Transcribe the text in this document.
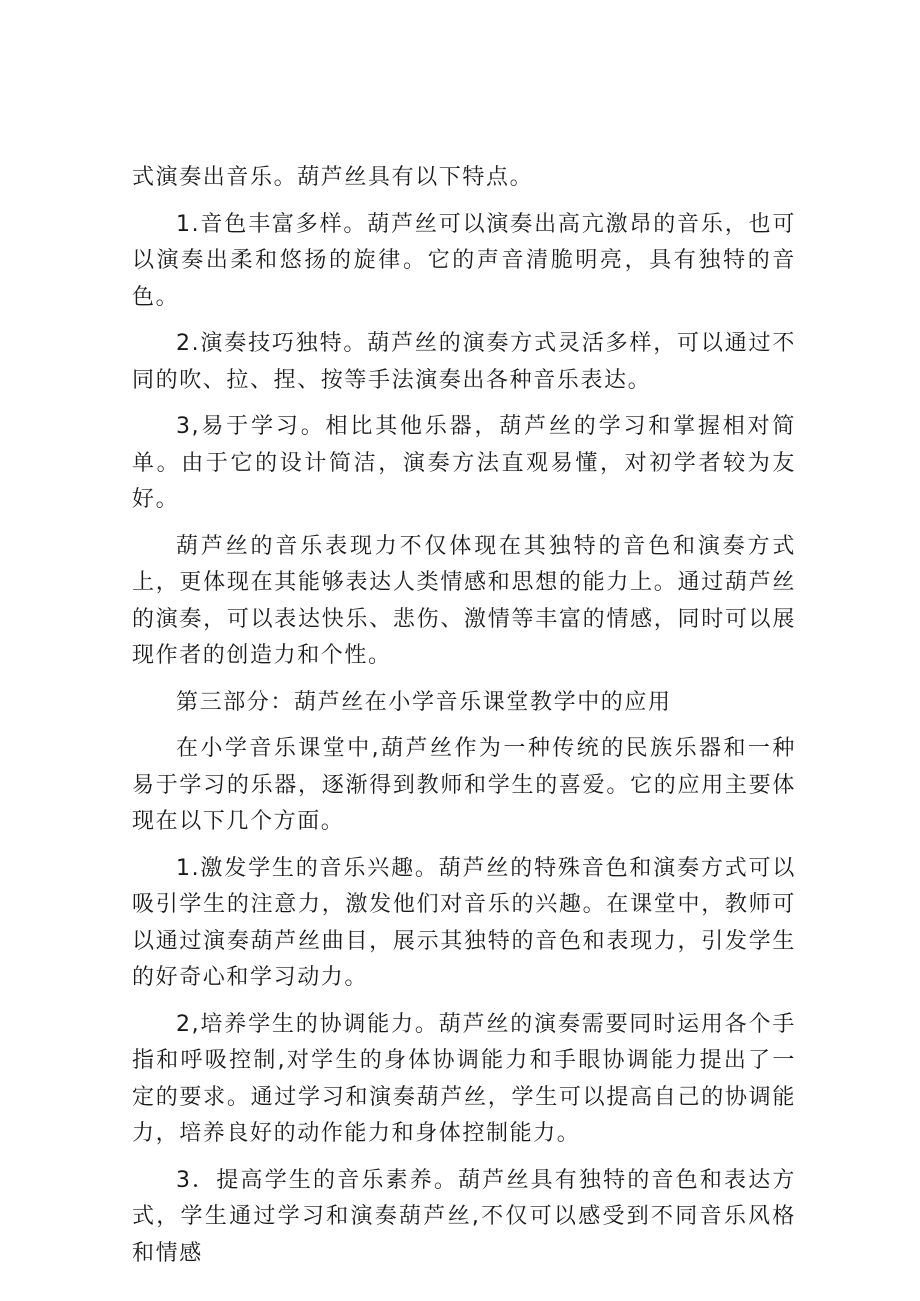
式演奏出音乐。葫芦丝具有以下特点。

1.音色丰富多样。葫芦丝可以演奏出高亢激昂的音乐，也可以演奏出柔和悠扬的旋律。它的声音清脆明亮，具有独特的音色。

2.演奏技巧独特。葫芦丝的演奏方式灵活多样，可以通过不同的吹、拉、捏、按等手法演奏出各种音乐表达。

3,易于学习。相比其他乐器，葫芦丝的学习和掌握相对简单。由于它的设计简洁，演奏方法直观易懂，对初学者较为友好。

葫芦丝的音乐表现力不仅体现在其独特的音色和演奏方式上，更体现在其能够表达人类情感和思想的能力上。通过葫芦丝的演奏，可以表达快乐、悲伤、激情等丰富的情感，同时可以展现作者的创造力和个性。

第三部分：葫芦丝在小学音乐课堂教学中的应用

在小学音乐课堂中,葫芦丝作为一种传统的民族乐器和一种易于学习的乐器，逐渐得到教师和学生的喜爱。它的应用主要体现在以下几个方面。

1.激发学生的音乐兴趣。葫芦丝的特殊音色和演奏方式可以吸引学生的注意力，激发他们对音乐的兴趣。在课堂中，教师可以通过演奏葫芦丝曲目，展示其独特的音色和表现力，引发学生的好奇心和学习动力。

2,培养学生的协调能力。葫芦丝的演奏需要同时运用各个手指和呼吸控制,对学生的身体协调能力和手眼协调能力提出了一定的要求。通过学习和演奏葫芦丝，学生可以提高自己的协调能力，培养良好的动作能力和身体控制能力。

3．提高学生的音乐素养。葫芦丝具有独特的音色和表达方式，学生通过学习和演奏葫芦丝,不仅可以感受到不同音乐风格和情感
